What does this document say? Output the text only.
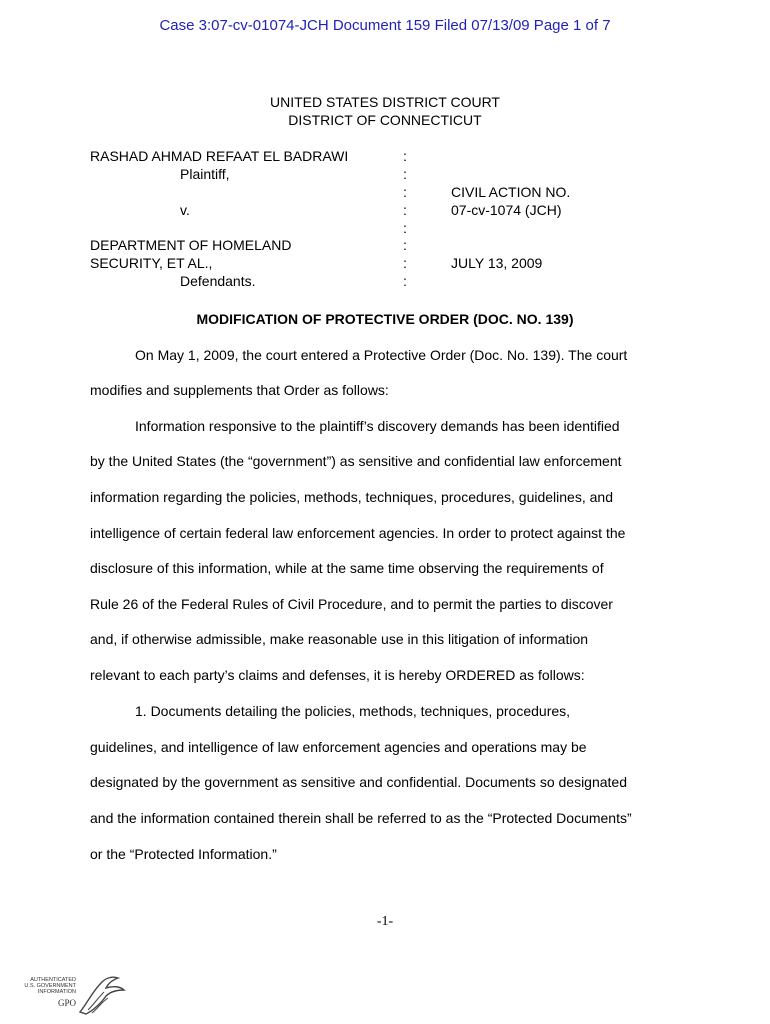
Case 3:07-cv-01074-JCH Document 159 Filed 07/13/09 Page 1 of 7
UNITED STATES DISTRICT COURT
DISTRICT OF CONNECTICUT
RASHAD AHMAD REFAAT EL BADRAWI
Plaintiff,
v.
DEPARTMENT OF HOMELAND
SECURITY, ET AL.,
Defendants.
:
:
:
:
:
:
:
:
CIVIL ACTION NO.
07-cv-1074 (JCH)
JULY 13, 2009
MODIFICATION OF PROTECTIVE ORDER (DOC. NO. 139)
On May 1, 2009, the court entered a Protective Order (Doc. No. 139). The court
modifies and supplements that Order as follows:
Information responsive to the plaintiff’s discovery demands has been identified
by the United States (the “government”) as sensitive and confidential law enforcement
information regarding the policies, methods, techniques, procedures, guidelines, and
intelligence of certain federal law enforcement agencies. In order to protect against the
disclosure of this information, while at the same time observing the requirements of
Rule 26 of the Federal Rules of Civil Procedure, and to permit the parties to discover
and, if otherwise admissible, make reasonable use in this litigation of information
relevant to each party’s claims and defenses, it is hereby ORDERED as follows:
1. Documents detailing the policies, methods, techniques, procedures,
guidelines, and intelligence of law enforcement agencies and operations may be
designated by the government as sensitive and confidential. Documents so designated
and the information contained therein shall be referred to as the “Protected Documents”
or the “Protected Information.”
-1-
AUTHENTICATED
U.S. GOVERNMENT
INFORMATION
GPO
